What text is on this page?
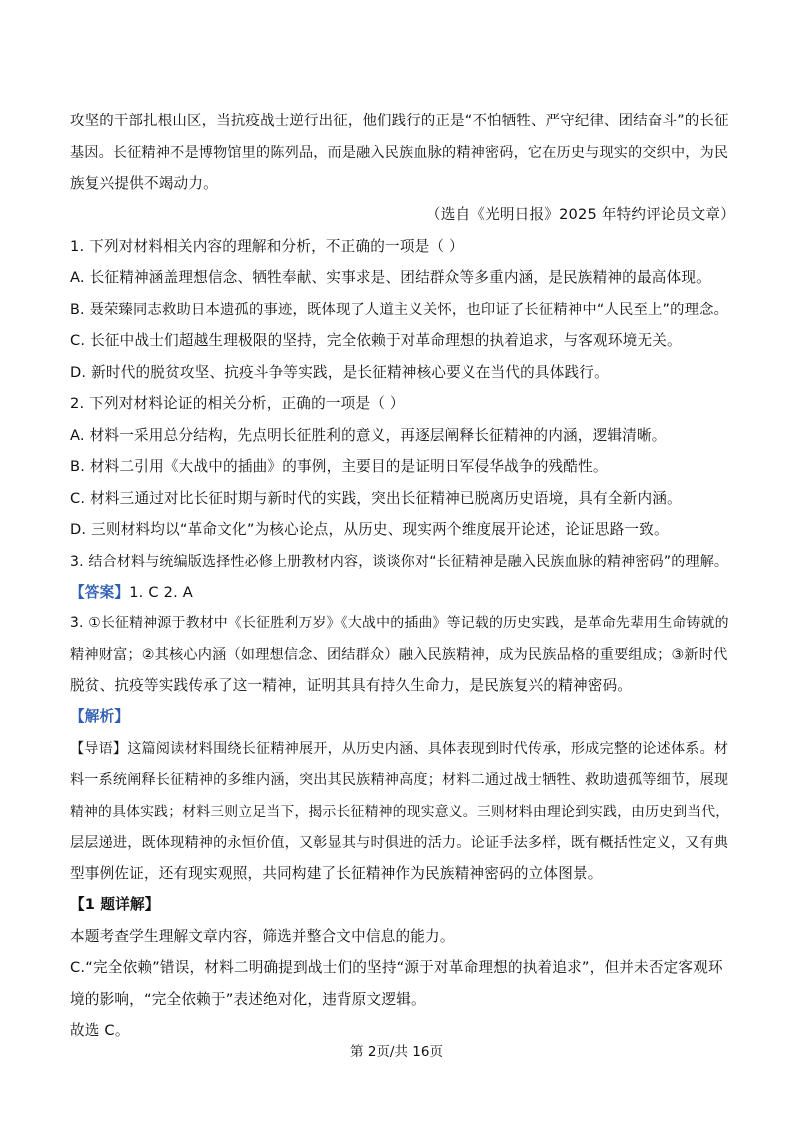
攻坚的干部扎根山区，当抗疫战士逆行出征，他们践行的正是“不怕牺牲、严守纪律、团结奋斗”的长征
基因。长征精神不是博物馆里的陈列品，而是融入民族血脉的精神密码，它在历史与现实的交织中，为民
族复兴提供不竭动力。
（选自《光明日报》2025 年特约评论员文章）
1. 下列对材料相关内容的理解和分析，不正确的一项是（ ）
A. 长征精神涵盖理想信念、牺牲奉献、实事求是、团结群众等多重内涵，是民族精神的最高体现。
B. 聂荣臻同志救助日本遗孤的事迹，既体现了人道主义关怀，也印证了长征精神中“人民至上”的理念。
C. 长征中战士们超越生理极限的坚持，完全依赖于对革命理想的执着追求，与客观环境无关。
D. 新时代的脱贫攻坚、抗疫斗争等实践，是长征精神核心要义在当代的具体践行。
2. 下列对材料论证的相关分析，正确的一项是（ ）
A. 材料一采用总分结构，先点明长征胜利的意义，再逐层阐释长征精神的内涵，逻辑清晰。
B. 材料二引用《大战中的插曲》的事例，主要目的是证明日军侵华战争的残酷性。
C. 材料三通过对比长征时期与新时代的实践，突出长征精神已脱离历史语境，具有全新内涵。
D. 三则材料均以“革命文化”为核心论点，从历史、现实两个维度展开论述，论证思路一致。
3. 结合材料与统编版选择性必修上册教材内容，谈谈你对“长征精神是融入民族血脉的精神密码”的理解。
【答案】1. C 2. A
3. ①长征精神源于教材中《长征胜利万岁》《大战中的插曲》等记载的历史实践，是革命先辈用生命铸就的
精神财富；②其核心内涵（如理想信念、团结群众）融入民族精神，成为民族品格的重要组成；③新时代
脱贫、抗疫等实践传承了这一精神，证明其具有持久生命力，是民族复兴的精神密码。
【解析】
【导语】这篇阅读材料围绕长征精神展开，从历史内涵、具体表现到时代传承，形成完整的论述体系。材
料一系统阐释长征精神的多维内涵，突出其民族精神高度；材料二通过战士牺牲、救助遗孤等细节，展现
精神的具体实践；材料三则立足当下，揭示长征精神的现实意义。三则材料由理论到实践，由历史到当代，
层层递进，既体现精神的永恒价值，又彰显其与时俱进的活力。论证手法多样，既有概括性定义，又有典
型事例佐证，还有现实观照，共同构建了长征精神作为民族精神密码的立体图景。
【1 题详解】
本题考查学生理解文章内容，筛选并整合文中信息的能力。
C.“完全依赖”错误，材料二明确提到战士们的坚持“源于对革命理想的执着追求”，但并未否定客观环
境的影响，“完全依赖于”表述绝对化，违背原文逻辑。
故选 C。
第 2页/共 16页
